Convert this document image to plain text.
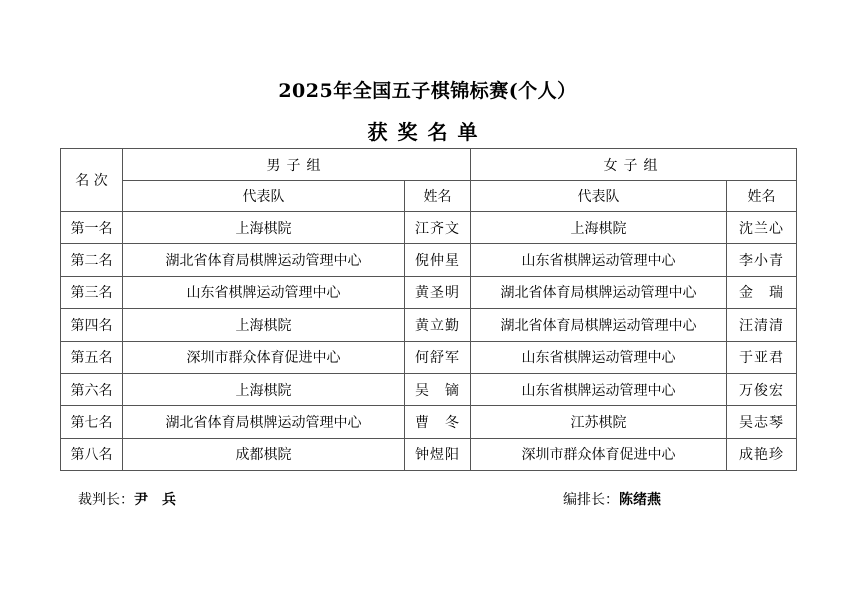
2025年全国五子棋锦标赛(个人）
获奖名单
名 次	男子组		女子组	
	代表队	姓名	代表队	姓名
第一名	上海棋院	江齐文	上海棋院	沈兰心
第二名	湖北省体育局棋牌运动管理中心	倪仲星	山东省棋牌运动管理中心	李小青
第三名	山东省棋牌运动管理中心	黄圣明	湖北省体育局棋牌运动管理中心	金　瑞
第四名	上海棋院	黄立勤	湖北省体育局棋牌运动管理中心	汪清清
第五名	深圳市群众体育促进中心	何舒军	山东省棋牌运动管理中心	于亚君
第六名	上海棋院	吴　镝	山东省棋牌运动管理中心	万俊宏
第七名	湖北省体育局棋牌运动管理中心	曹　冬	江苏棋院	吴志琴
第八名	成都棋院	钟煜阳	深圳市群众体育促进中心	成艳珍
裁判长：尹　兵	编排长：陈绪燕
